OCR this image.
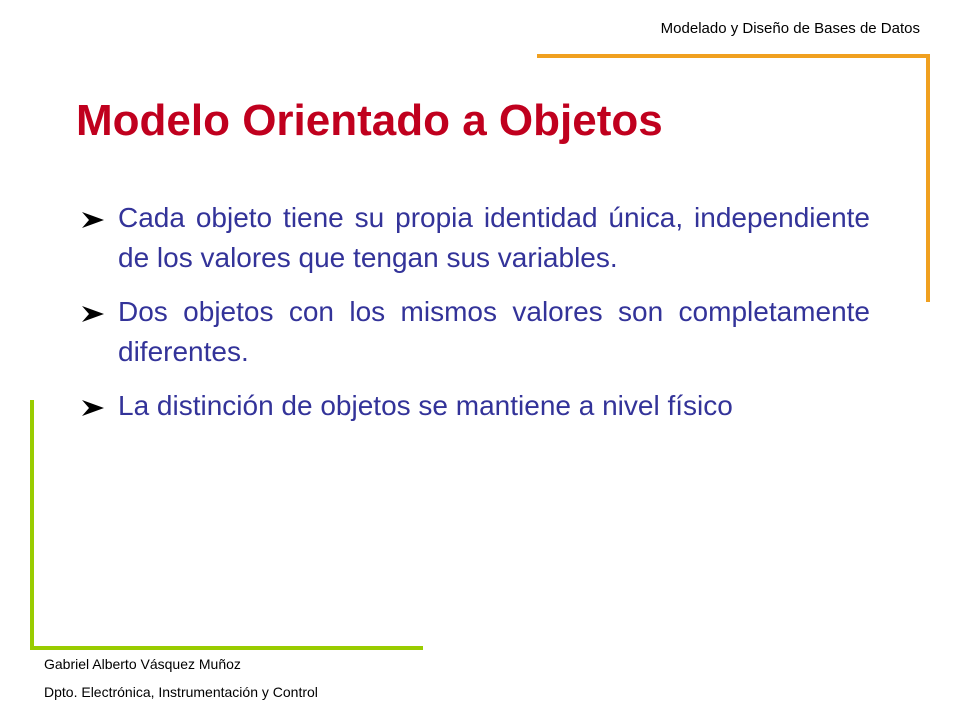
Modelado y Diseño de Bases de Datos
Modelo Orientado a Objetos
Cada objeto tiene su propia identidad única, independiente de los valores que tengan sus variables.
Dos objetos con los mismos valores son completamente diferentes.
La distinción de objetos se mantiene a nivel físico
Gabriel Alberto Vásquez Muñoz
Dpto. Electrónica, Instrumentación y Control
